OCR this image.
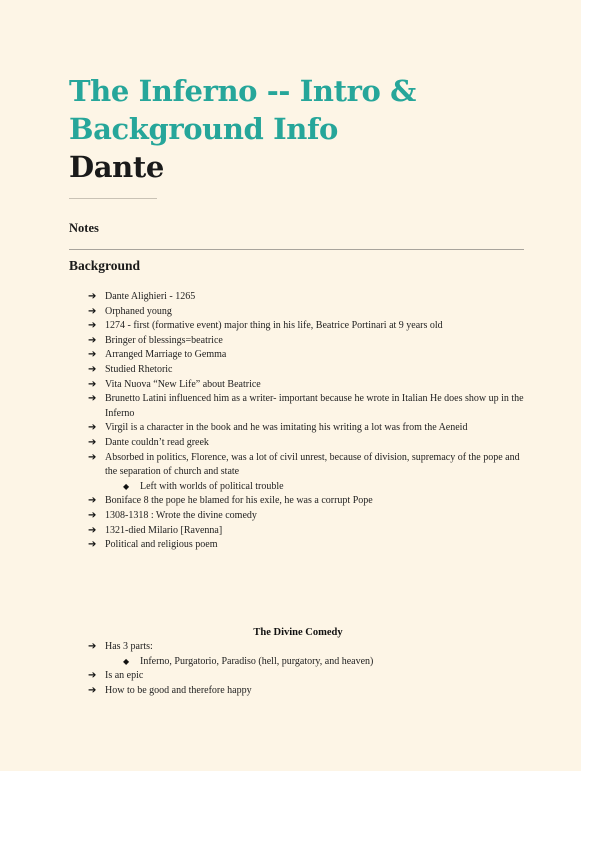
The Inferno -- Intro &

Background Info

Dante

Notes

Background

➔ Dante Alighieri - 1265
➔ Orphaned young
➔ 1274 - first (formative event) major thing in his life, Beatrice Portinari at 9 years old
➔ Bringer of blessings=beatrice
➔ Arranged Marriage to Gemma
➔ Studied Rhetoric
➔ Vita Nuova “New Life” about Beatrice
➔ Brunetto Latini influenced him as a writer- important because he wrote in Italian He does show up in the Inferno
➔ Virgil is a character in the book and he was imitating his writing a lot was from the Aeneid
➔ Dante couldn’t read greek
➔ Absorbed in politics, Florence, was a lot of civil unrest, because of division, supremacy of the pope and the separation of church and state
◆ Left with worlds of political trouble
➔ Boniface 8 the pope he blamed for his exile, he was a corrupt Pope
➔ 1308-1318 : Wrote the divine comedy
➔ 1321-died Milario [Ravenna]
➔ Political and religious poem

The Divine Comedy

➔ Has 3 parts:
◆ Inferno, Purgatorio, Paradiso (hell, purgatory, and heaven)
➔ Is an epic
➔ How to be good and therefore happy
